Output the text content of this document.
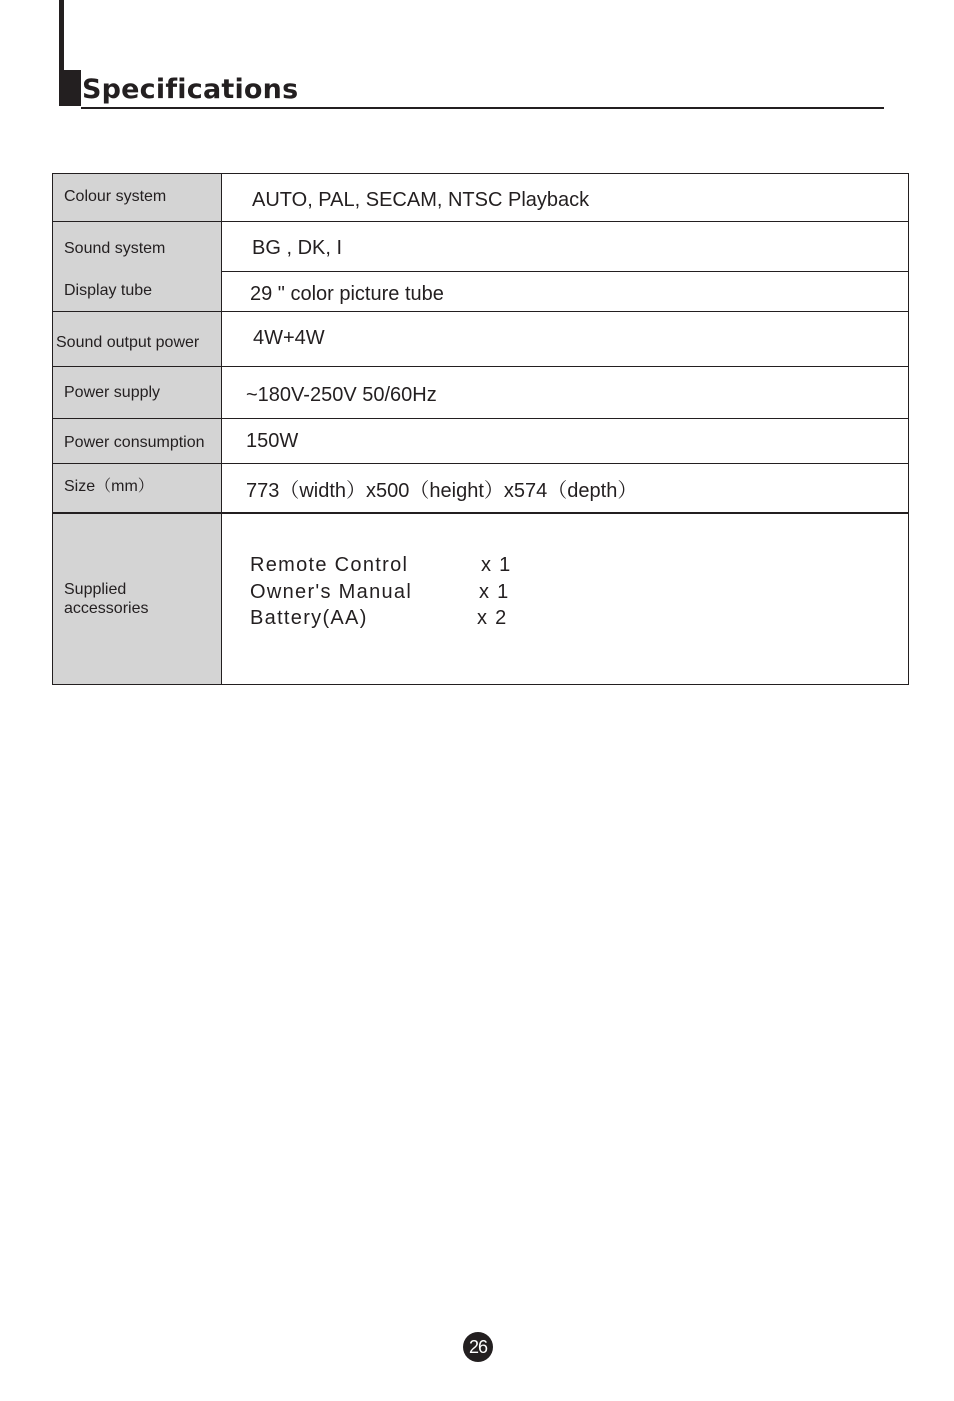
Specifications
Colour system	AUTO, PAL, SECAM, NTSC Playback
Sound system	BG , DK, I
Display tube	29 " color picture tube
Sound output power	4W+4W
Power supply	~180V-250V 50/60Hz
Power consumption 150W
Size（mm）	773（width）x500（height）x574（depth）
Supplied
accessories
Remote Control	x 1
Owner's Manual	x 1
Battery(AA)	x 2
26
